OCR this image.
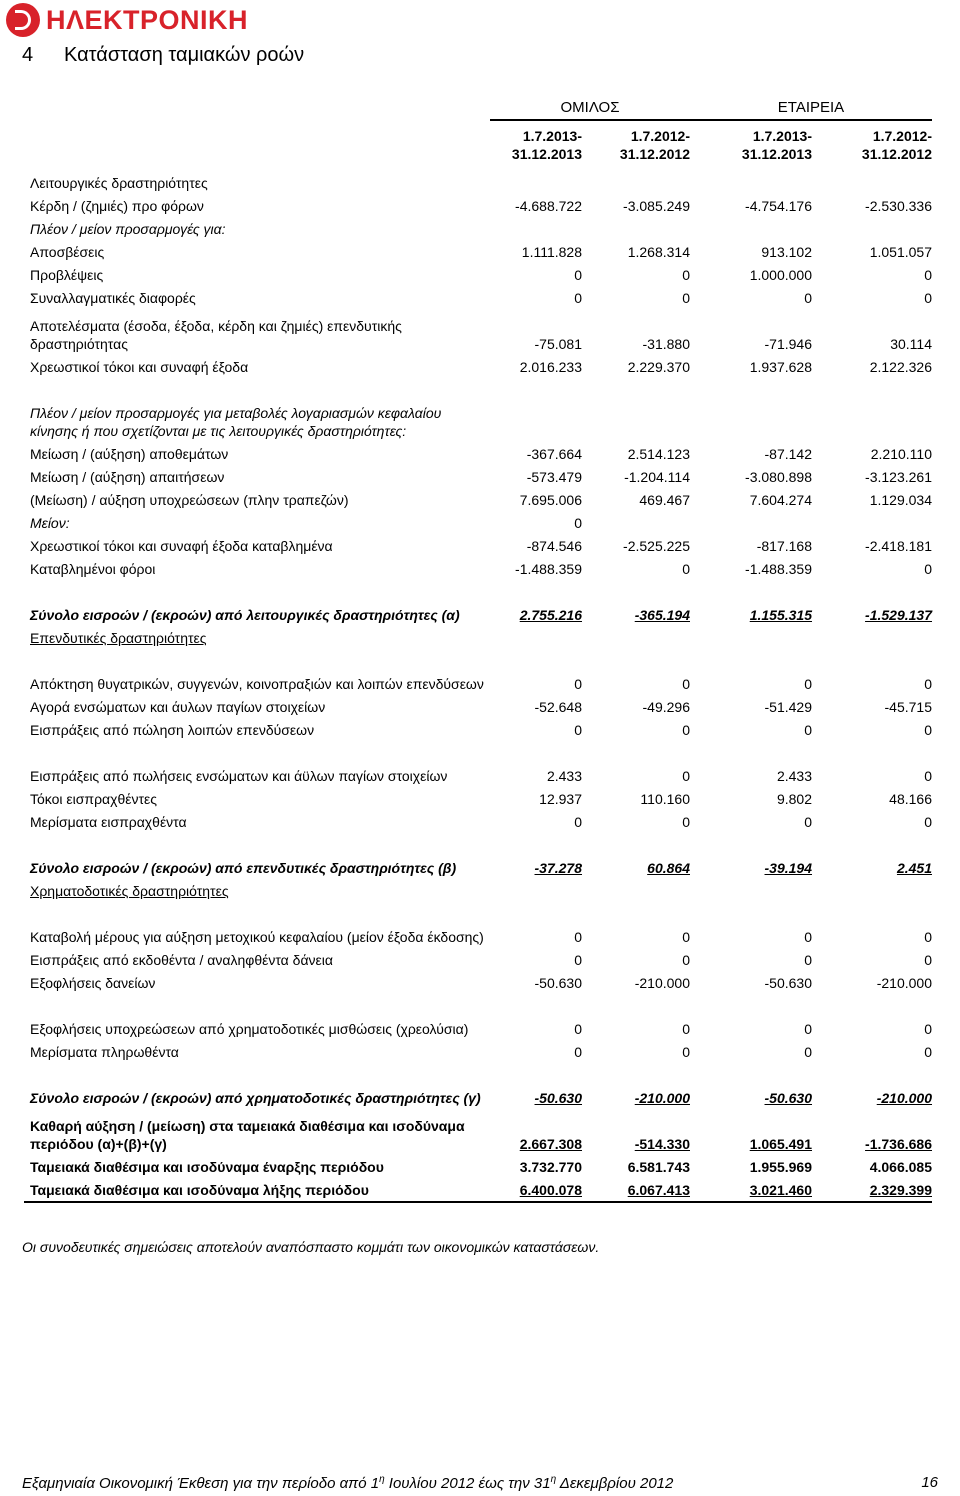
ΗΛΕΚΤΡΟΝΙΚΗ
4 Κατάσταση ταμιακών ροών
	ΟΜΙΛΟΣ		ΕΤΑΙΡΕΙΑ	
	1.7.2013- 31.12.2013	1.7.2012- 31.12.2012	1.7.2013- 31.12.2013	1.7.2012- 31.12.2012
Λειτουργικές δραστηριότητες				
Κέρδη / (ζημιές) προ φόρων	-4.688.722	-3.085.249	-4.754.176	-2.530.336
Πλέον / μείον προσαρμογές για:				
Αποσβέσεις	1.111.828	1.268.314	913.102	1.051.057
Προβλέψεις	0	0	1.000.000	0
Συναλλαγματικές διαφορές	0	0	0	0
Αποτελέσματα (έσοδα, έξοδα, κέρδη και ζημιές) επενδυτικής δραστηριότητας	-75.081	-31.880	-71.946	30.114
Χρεωστικοί τόκοι και συναφή έξοδα	2.016.233	2.229.370	1.937.628	2.122.326
Πλέον / μείον προσαρμογές για μεταβολές λογαριασμών κεφαλαίου κίνησης ή που σχετίζονται με τις λειτουργικές δραστηριότητες:				
Μείωση / (αύξηση) αποθεμάτων	-367.664	2.514.123	-87.142	2.210.110
Μείωση / (αύξηση) απαιτήσεων	-573.479	-1.204.114	-3.080.898	-3.123.261
(Μείωση) / αύξηση υποχρεώσεων (πλην τραπεζών)	7.695.006	469.467	7.604.274	1.129.034
Μείον:	0			
Χρεωστικοί τόκοι και συναφή έξοδα καταβλημένα	-874.546	-2.525.225	-817.168	-2.418.181
Καταβλημένοι φόροι	-1.488.359	0	-1.488.359	0
Σύνολο εισροών / (εκροών) από λειτουργικές δραστηριότητες (α)	2.755.216	-365.194	1.155.315	-1.529.137
Επενδυτικές δραστηριότητες				
Απόκτηση θυγατρικών, συγγενών, κοινοπραξιών και λοιπών επενδύσεων	0	0	0	0
Αγορά ενσώματων και άυλων παγίων στοιχείων	-52.648	-49.296	-51.429	-45.715
Εισπράξεις από πώληση λοιπών επενδύσεων	0	0	0	0
Εισπράξεις από πωλήσεις ενσώματων και άϋλων παγίων στοιχείων	2.433	0	2.433	0
Τόκοι εισπραχθέντες	12.937	110.160	9.802	48.166
Μερίσματα εισπραχθέντα	0	0	0	0
Σύνολο εισροών / (εκροών) από επενδυτικές δραστηριότητες (β)	-37.278	60.864	-39.194	2.451
Χρηματοδοτικές δραστηριότητες				
Καταβολή μέρους για αύξηση μετοχικού κεφαλαίου (μείον έξοδα έκδοσης)	0	0	0	0
Εισπράξεις από εκδοθέντα / αναληφθέντα δάνεια	0	0	0	0
Εξοφλήσεις δανείων	-50.630	-210.000	-50.630	-210.000
Εξοφλήσεις υποχρεώσεων από χρηματοδοτικές μισθώσεις (χρεολύσια)	0	0	0	0
Μερίσματα πληρωθέντα	0	0	0	0
Σύνολο εισροών / (εκροών) από χρηματοδοτικές δραστηριότητες (γ)	-50.630	-210.000	-50.630	-210.000
Καθαρή αύξηση / (μείωση) στα ταμειακά διαθέσιμα και ισοδύναμα περιόδου (α)+(β)+(γ)	2.667.308	-514.330	1.065.491	-1.736.686
Ταμειακά διαθέσιμα και ισοδύναμα έναρξης περιόδου	3.732.770	6.581.743	1.955.969	4.066.085
Ταμειακά διαθέσιμα και ισοδύναμα λήξης περιόδου	6.400.078	6.067.413	3.021.460	2.329.399
Οι συνοδευτικές σημειώσεις αποτελούν αναπόσπαστο κομμάτι των οικονομικών καταστάσεων.
Εξαμηνιαία Οικονομική Έκθεση για την περίοδο από $1^\eta$ Ιουλίου 2012 έως την $31^\eta$ Δεκεμβρίου 2012	16
